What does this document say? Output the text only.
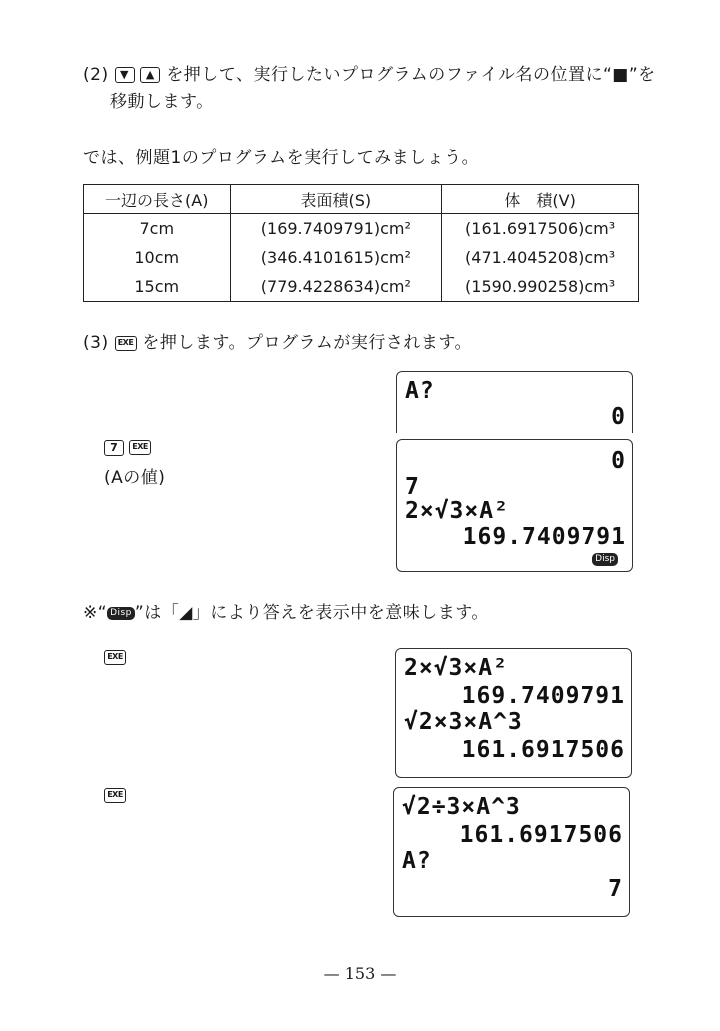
(2) ▼ ▲ を押して、実行したいプログラムのファイル名の位置に“■”を
移動します。
では、例題1のプログラムを実行してみましょう。
一辺の長さ(A)	表面積(S)	体　積(V)
7cm	(169.7409791)cm²	(161.6917506)cm³
10cm	(346.4101615)cm²	(471.4045208)cm³
15cm	(779.4228634)cm²	(1590.990258)cm³
(3) EXE を押します。プログラムが実行されます。
A?
0
7 EXE
(Aの値)
0
7
2×√3×A²
169.7409791
Disp
※“ Disp ”は「◢」により答えを表示中を意味します。
EXE	2×√3×A²
169.7409791
√2×3×A^3
161.6917506
EXE	√2÷3×A^3
161.6917506
A?
7
— 153 —
